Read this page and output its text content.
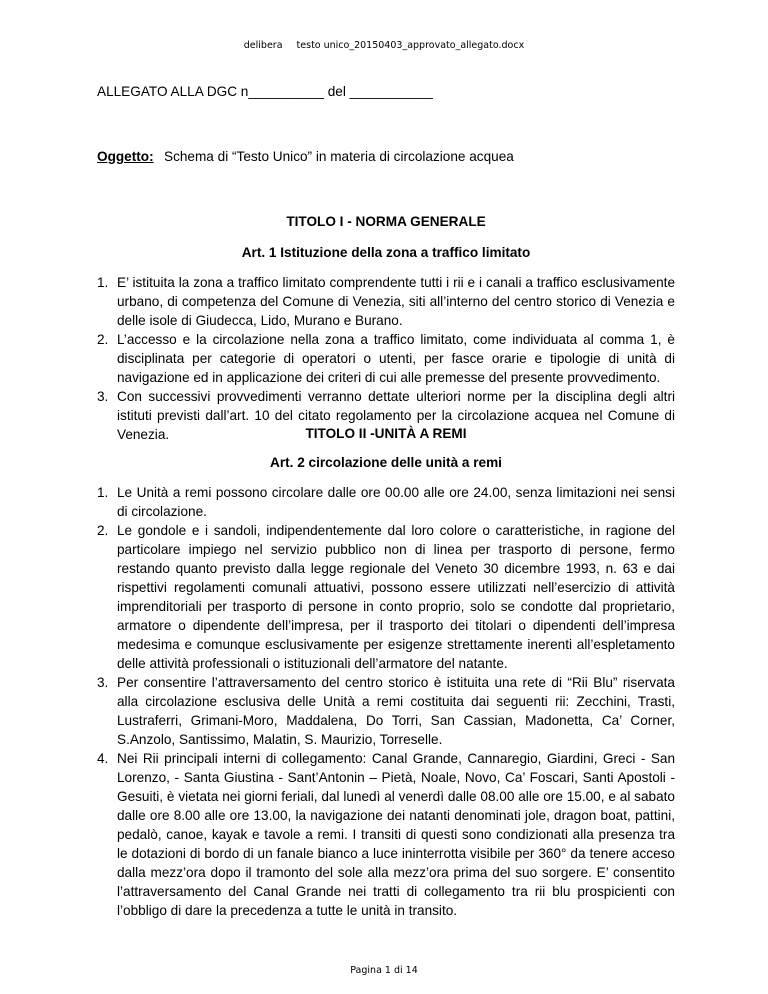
delibera testo unico_20150403_approvato_allegato.docx
ALLEGATO ALLA DGC n__________ del ___________
Oggetto: Schema di “Testo Unico” in materia di circolazione acquea
TITOLO I - NORMA GENERALE
Art. 1 Istituzione della zona a traffico limitato
1. E’ istituita la zona a traffico limitato comprendente tutti i rii e i canali a traffico esclusivamente urbano, di competenza del Comune di Venezia, siti all’interno del centro storico di Venezia e delle isole di Giudecca, Lido, Murano e Burano.
2. L’accesso e la circolazione nella zona a traffico limitato, come individuata al comma 1, è disciplinata per categorie di operatori o utenti, per fasce orarie e tipologie di unità di navigazione ed in applicazione dei criteri di cui alle premesse del presente provvedimento.
3. Con successivi provvedimenti verranno dettate ulteriori norme per la disciplina degli altri istituti previsti dall’art. 10 del citato regolamento per la circolazione acquea nel Comune di Venezia.	TITOLO II -UNITÀ A REMI
Art. 2 circolazione delle unità a remi
1. Le Unità a remi possono circolare dalle ore 00.00 alle ore 24.00, senza limitazioni nei sensi di circolazione.
2. Le gondole e i sandoli, indipendentemente dal loro colore o caratteristiche, in ragione del particolare impiego nel servizio pubblico non di linea per trasporto di persone, fermo restando quanto previsto dalla legge regionale del Veneto 30 dicembre 1993, n. 63 e dai rispettivi regolamenti comunali attuativi, possono essere utilizzati nell’esercizio di attività imprenditoriali per trasporto di persone in conto proprio, solo se condotte dal proprietario, armatore o dipendente dell’impresa, per il trasporto dei titolari o dipendenti dell’impresa medesima e comunque esclusivamente per esigenze strettamente inerenti all’espletamento delle attività professionali o istituzionali dell’armatore del natante.
3. Per consentire l’attraversamento del centro storico è istituita una rete di “Rii Blu” riservata alla circolazione esclusiva delle Unità a remi costituita dai seguenti rii: Zecchini, Trasti, Lustraferri, Grimani-Moro, Maddalena, Do Torri, San Cassian, Madonetta, Ca’ Corner, S.Anzolo, Santissimo, Malatin, S. Maurizio, Torreselle.
4. Nei Rii principali interni di collegamento: Canal Grande, Cannaregio, Giardini, Greci - San Lorenzo, - Santa Giustina - Sant’Antonin – Pietà, Noale, Novo, Ca’ Foscari, Santi Apostoli - Gesuiti, è vietata nei giorni feriali, dal lunedì al venerdì dalle 08.00 alle ore 15.00, e al sabato dalle ore 8.00 alle ore 13.00, la navigazione dei natanti denominati jole, dragon boat, pattini, pedalò, canoe, kayak e tavole a remi. I transiti di questi sono condizionati alla presenza tra le dotazioni di bordo di un fanale bianco a luce ininterrotta visibile per 360° da tenere acceso dalla mezz’ora dopo il tramonto del sole alla mezz’ora prima del suo sorgere. E’ consentito l’attraversamento del Canal Grande nei tratti di collegamento tra rii blu prospicienti con l’obbligo di dare la precedenza a tutte le unità in transito.
Pagina 1 di 14
